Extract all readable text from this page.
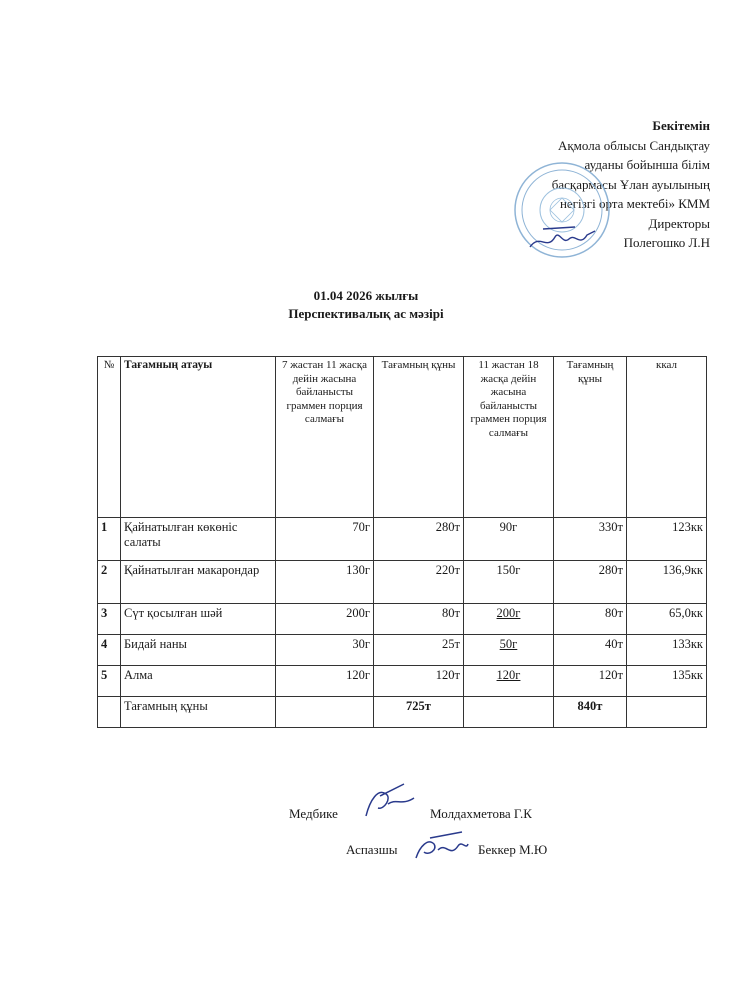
Бекітемін
Ақмола облысы Сандықтау
ауданы бойынша білім
басқармасы Ұлан ауылының
негізгі орта мектебі» КММ
Директоры
Полегошко Л.Н
01.04 2026 жылғы
Перспективалық ас мәзірі
№	Тағамның атауы	7 жастан 11 жасқа дейін жасына байланысты граммен порция салмағы	Тағамның құны	11 жастан 18 жасқа дейін жасына байланысты граммен порция салмағы	Тағамның құны	ккал
1	Қайнатылған көкөніс салаты	70г	280т	90г	330т	123кк
2	Қайнатылған макарондар	130г	220т	150г	280т	136,9кк
3	Сүт қосылған шәй	200г	80т	200г	80т	65,0кк
4	Бидай наны	30г	25т	50г	40т	133кк
5	Алма	120г	120т	120г	120т	135кк
	Тағамның құны		725т		840т	
Медбике	Молдахметова Г.К
Аспазшы	Беккер М.Ю
